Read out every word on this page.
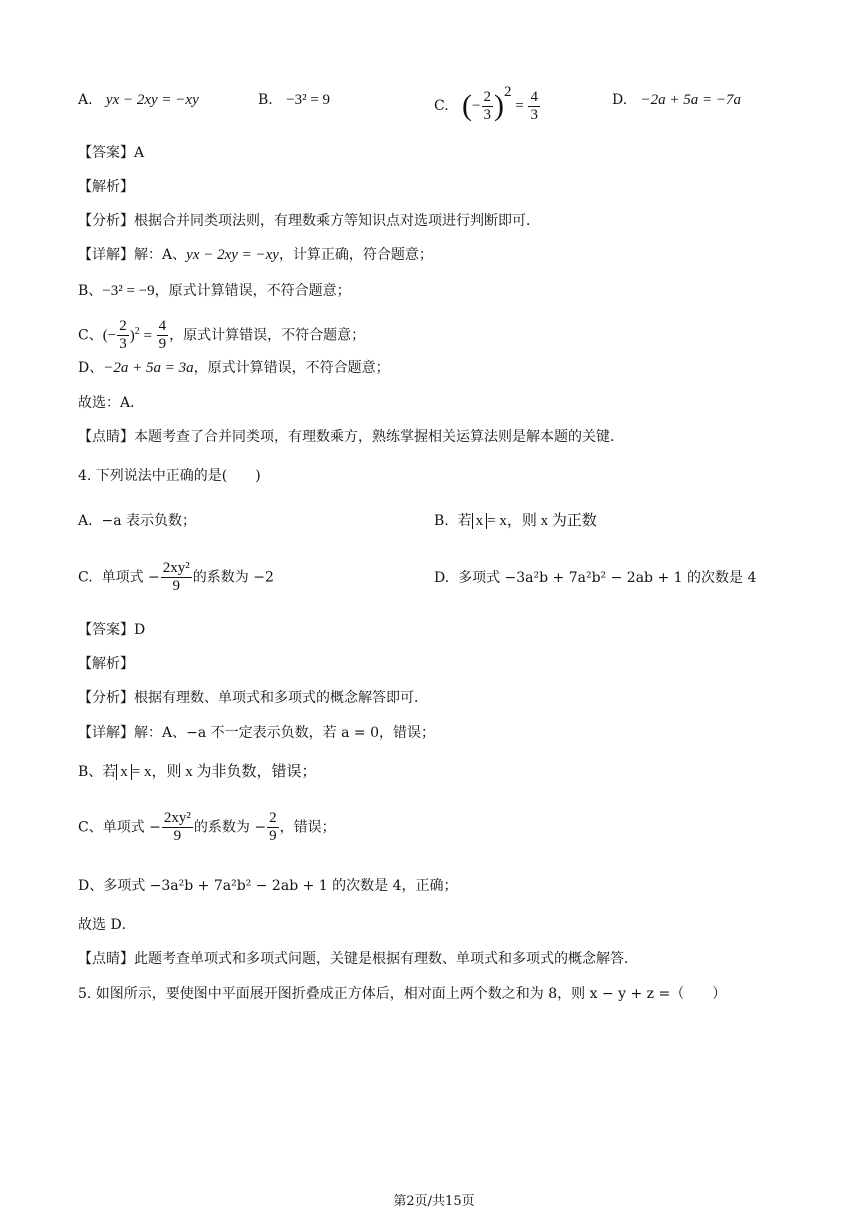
A. yx − 2xy = −xy	B. −3² = 9	C. (− $\frac{2}{3} )^2 = \frac{4}{3}$	D. −2a + 5a = −7a
【答案】A
【解析】
【分析】根据合并同类项法则，有理数乘方等知识点对选项进行判断即可．
【详解】解：A、yx − 2xy = −xy，计算正确，符合题意；
B、−3² = −9，原式计算错误，不符合题意；
C、(− $\frac{2}{3} )^2 = \frac{4}{9}$ ，原式计算错误，不符合题意；
D、−2a + 5a = 3a，原式计算错误，不符合题意；
故选：A．
【点睛】本题考查了合并同类项，有理数乘方，熟练掌握相关运算法则是解本题的关键．
4. 下列说法中正确的是(　　)
A. −a 表示负数；	B. 若 x = x，则 x 为正数
C. 单项式 − $\frac{\text{2xy²}}{9}$ 的系数为 −2	D. 多项式 −3a²b + 7a²b² − 2ab + 1 的次数是 4
【答案】D
【解析】
【分析】根据有理数、单项式和多项式的概念解答即可．
【详解】解：A、−a 不一定表示负数，若 a = 0，错误；
B、若 x = x，则 x 为非负数，错误；
C、单项式 − $\frac{\text{2xy²}}{9}$ 的系数为 − $\frac{2}{9}$ ，错误；
D、多项式 −3a²b + 7a²b² − 2ab + 1 的次数是 4，正确；
故选 D．
【点睛】此题考查单项式和多项式问题，关键是根据有理数、单项式和多项式的概念解答．
5. 如图所示，要使图中平面展开图折叠成正方体后，相对面上两个数之和为 8，则 x − y + z =（　　）
第2页/共15页
